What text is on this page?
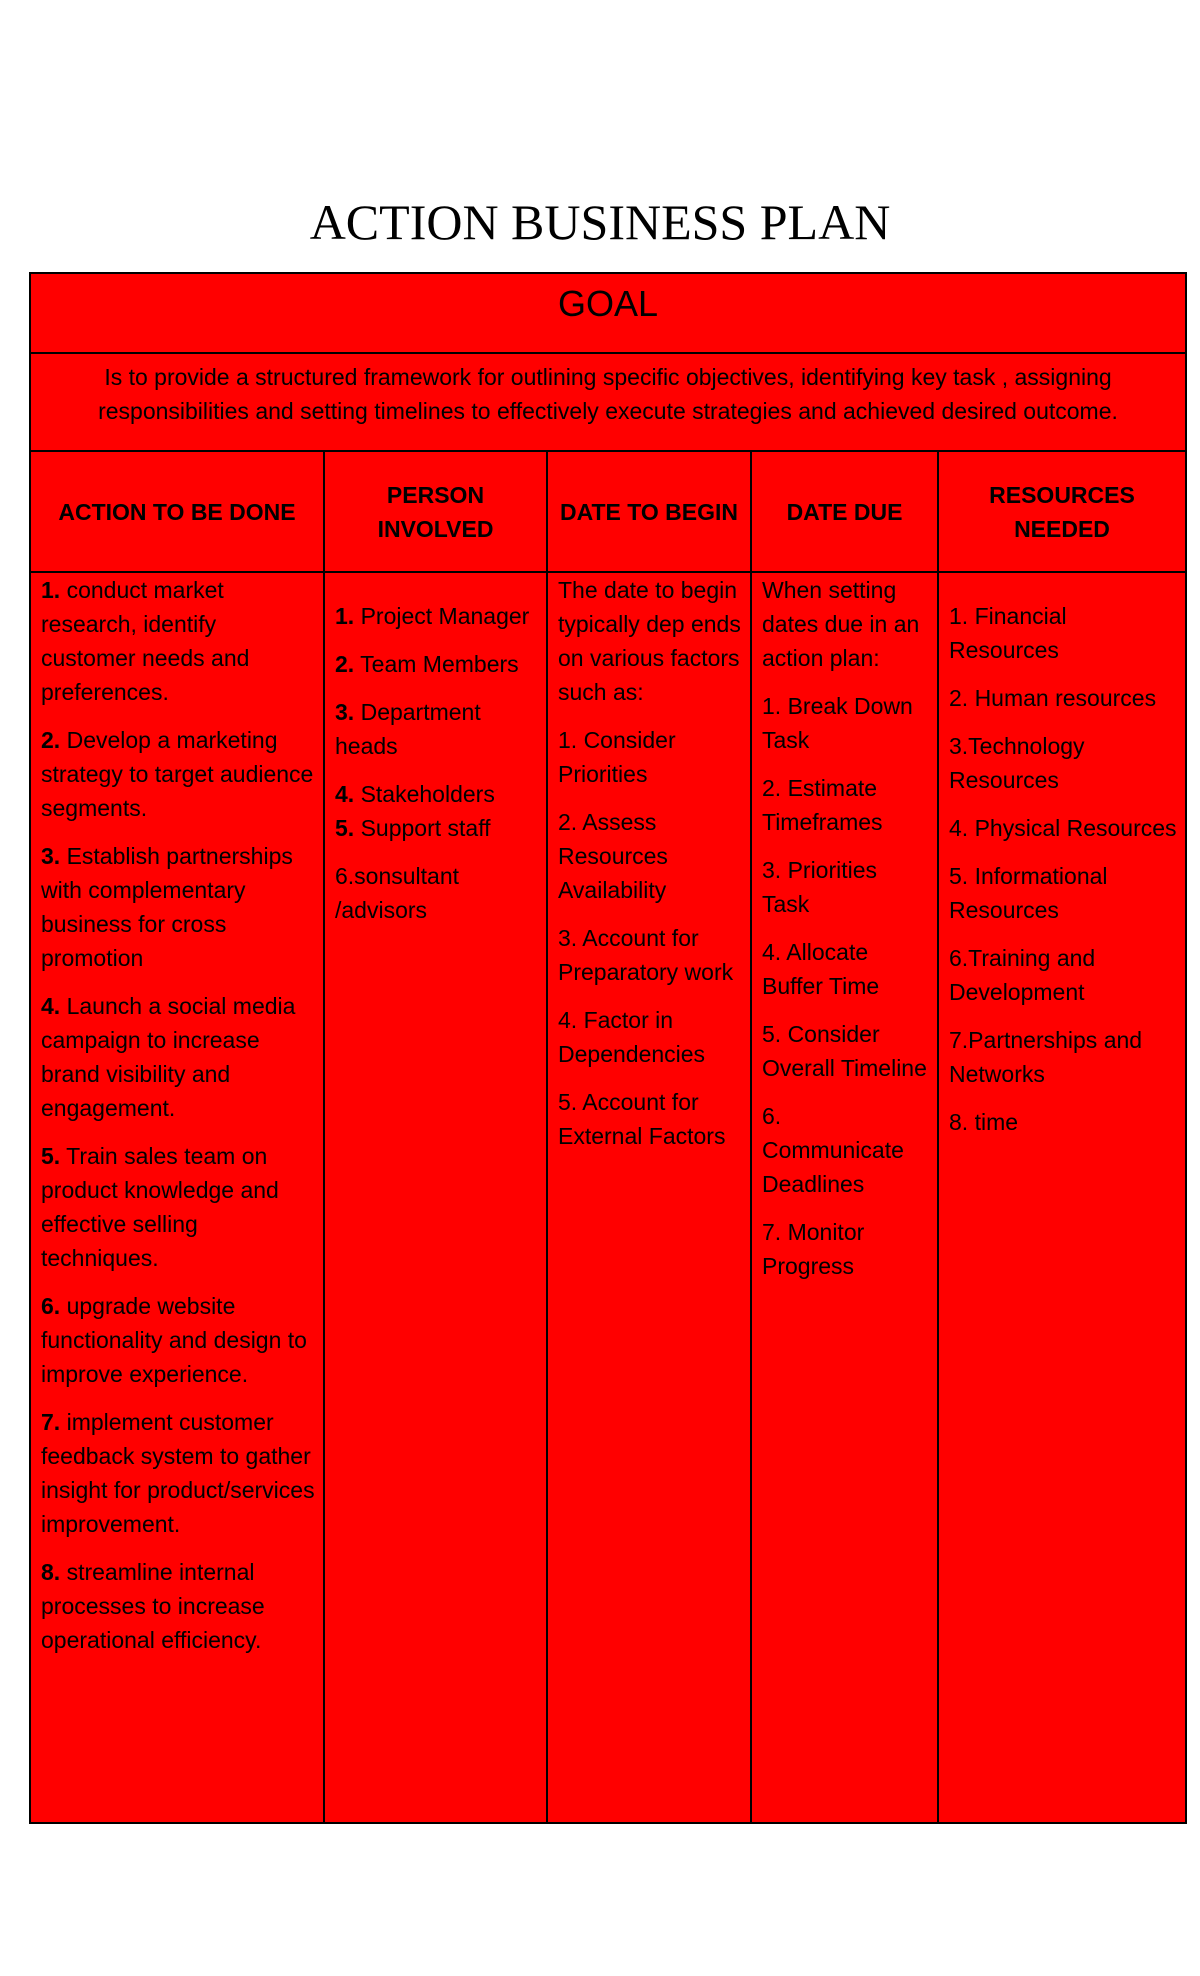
ACTION BUSINESS PLAN
GOAL
Is to provide a structured framework for outlining specific objectives, identifying key task , assigning responsibilities and setting timelines to effectively execute strategies and achieved desired outcome.
ACTION TO BE DONE
1. conduct market research, identify customer needs and preferences.
2. Develop a marketing strategy to target audience segments.
3. Establish partnerships with complementary business for cross promotion
4. Launch a social media campaign to increase brand visibility and engagement.
5. Train sales team on product knowledge and effective selling techniques.
6. upgrade website functionality and design to improve experience.
7. implement customer feedback system to gather insight for product/services improvement.
8. streamline internal processes to increase operational efficiency.
PERSON INVOLVED
1. Project Manager
2. Team Members
3. Department heads
4. Stakeholders
5. Support staff
6.sonsultant /advisors
DATE TO BEGIN
The date to begin typically dep ends on various factors such as:
1. Consider Priorities
2. Assess Resources Availability
3. Account for Preparatory work
4. Factor in Dependencies
5. Account for External Factors
DATE DUE
When setting dates due in an action plan:
1. Break Down Task
2. Estimate Timeframes
3. Priorities Task
4. Allocate Buffer Time
5. Consider Overall Timeline
6. Communicate Deadlines
7. Monitor Progress
RESOURCES NEEDED
1. Financial Resources
2. Human resources
3.Technology Resources
4. Physical Resources
5. Informational Resources
6.Training and Development
7.Partnerships and Networks
8. time
